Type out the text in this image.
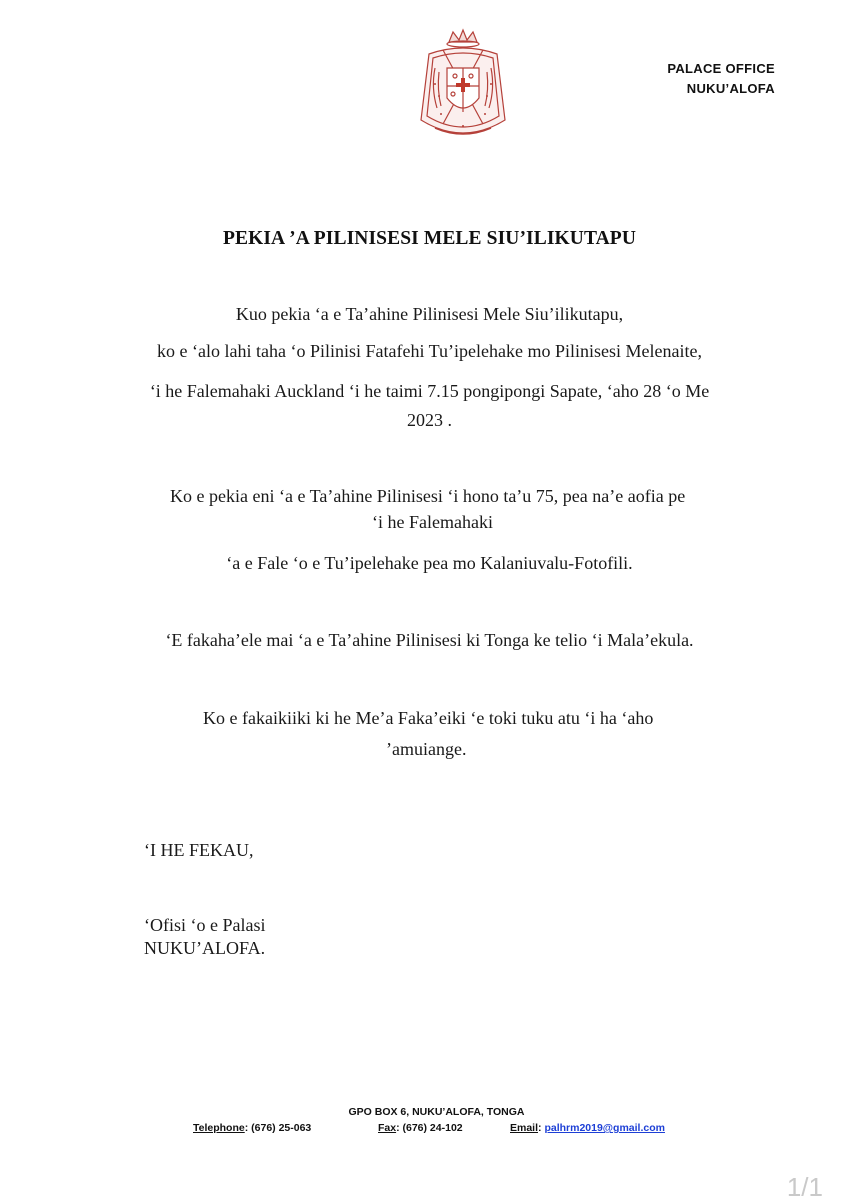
PALACE OFFICE
NUKU’ALOFA
PEKIA ’A PILINISESI MELE SIU’ILIKUTAPU
Kuo pekia ‘a e Ta’ahine Pilinisesi Mele Siu’ilikutapu,
ko e ‘alo lahi taha ‘o Pilinisi Fatafehi Tu’ipelehake mo Pilinisesi Melenaite,
‘i he Falemahaki Auckland ‘i he taimi 7.15 pongipongi Sapate, ‘aho 28 ‘o Me
2023 .
Ko e pekia eni ‘a e Ta’ahine Pilinisesi ‘i hono ta’u 75, pea na’e aofia pe
‘i he Falemahaki
‘a e Fale ‘o e Tu’ipelehake pea mo Kalaniuvalu-Fotofili.
‘E fakaha’ele mai ‘a e Ta’ahine Pilinisesi ki Tonga ke telio ‘i Mala’ekula.
Ko e fakaikiiki ki he Me’a Faka’eiki ‘e toki tuku atu ‘i ha ‘aho
’amuiange.
‘I HE FEKAU,
‘Ofisi ‘o e Palasi
NUKU’ALOFA.
GPO BOX 6, NUKU’ALOFA, TONGA
Telephone: (676) 25-063	Fax: (676) 24-102	Email: palhrm2019@gmail.com
1/1
